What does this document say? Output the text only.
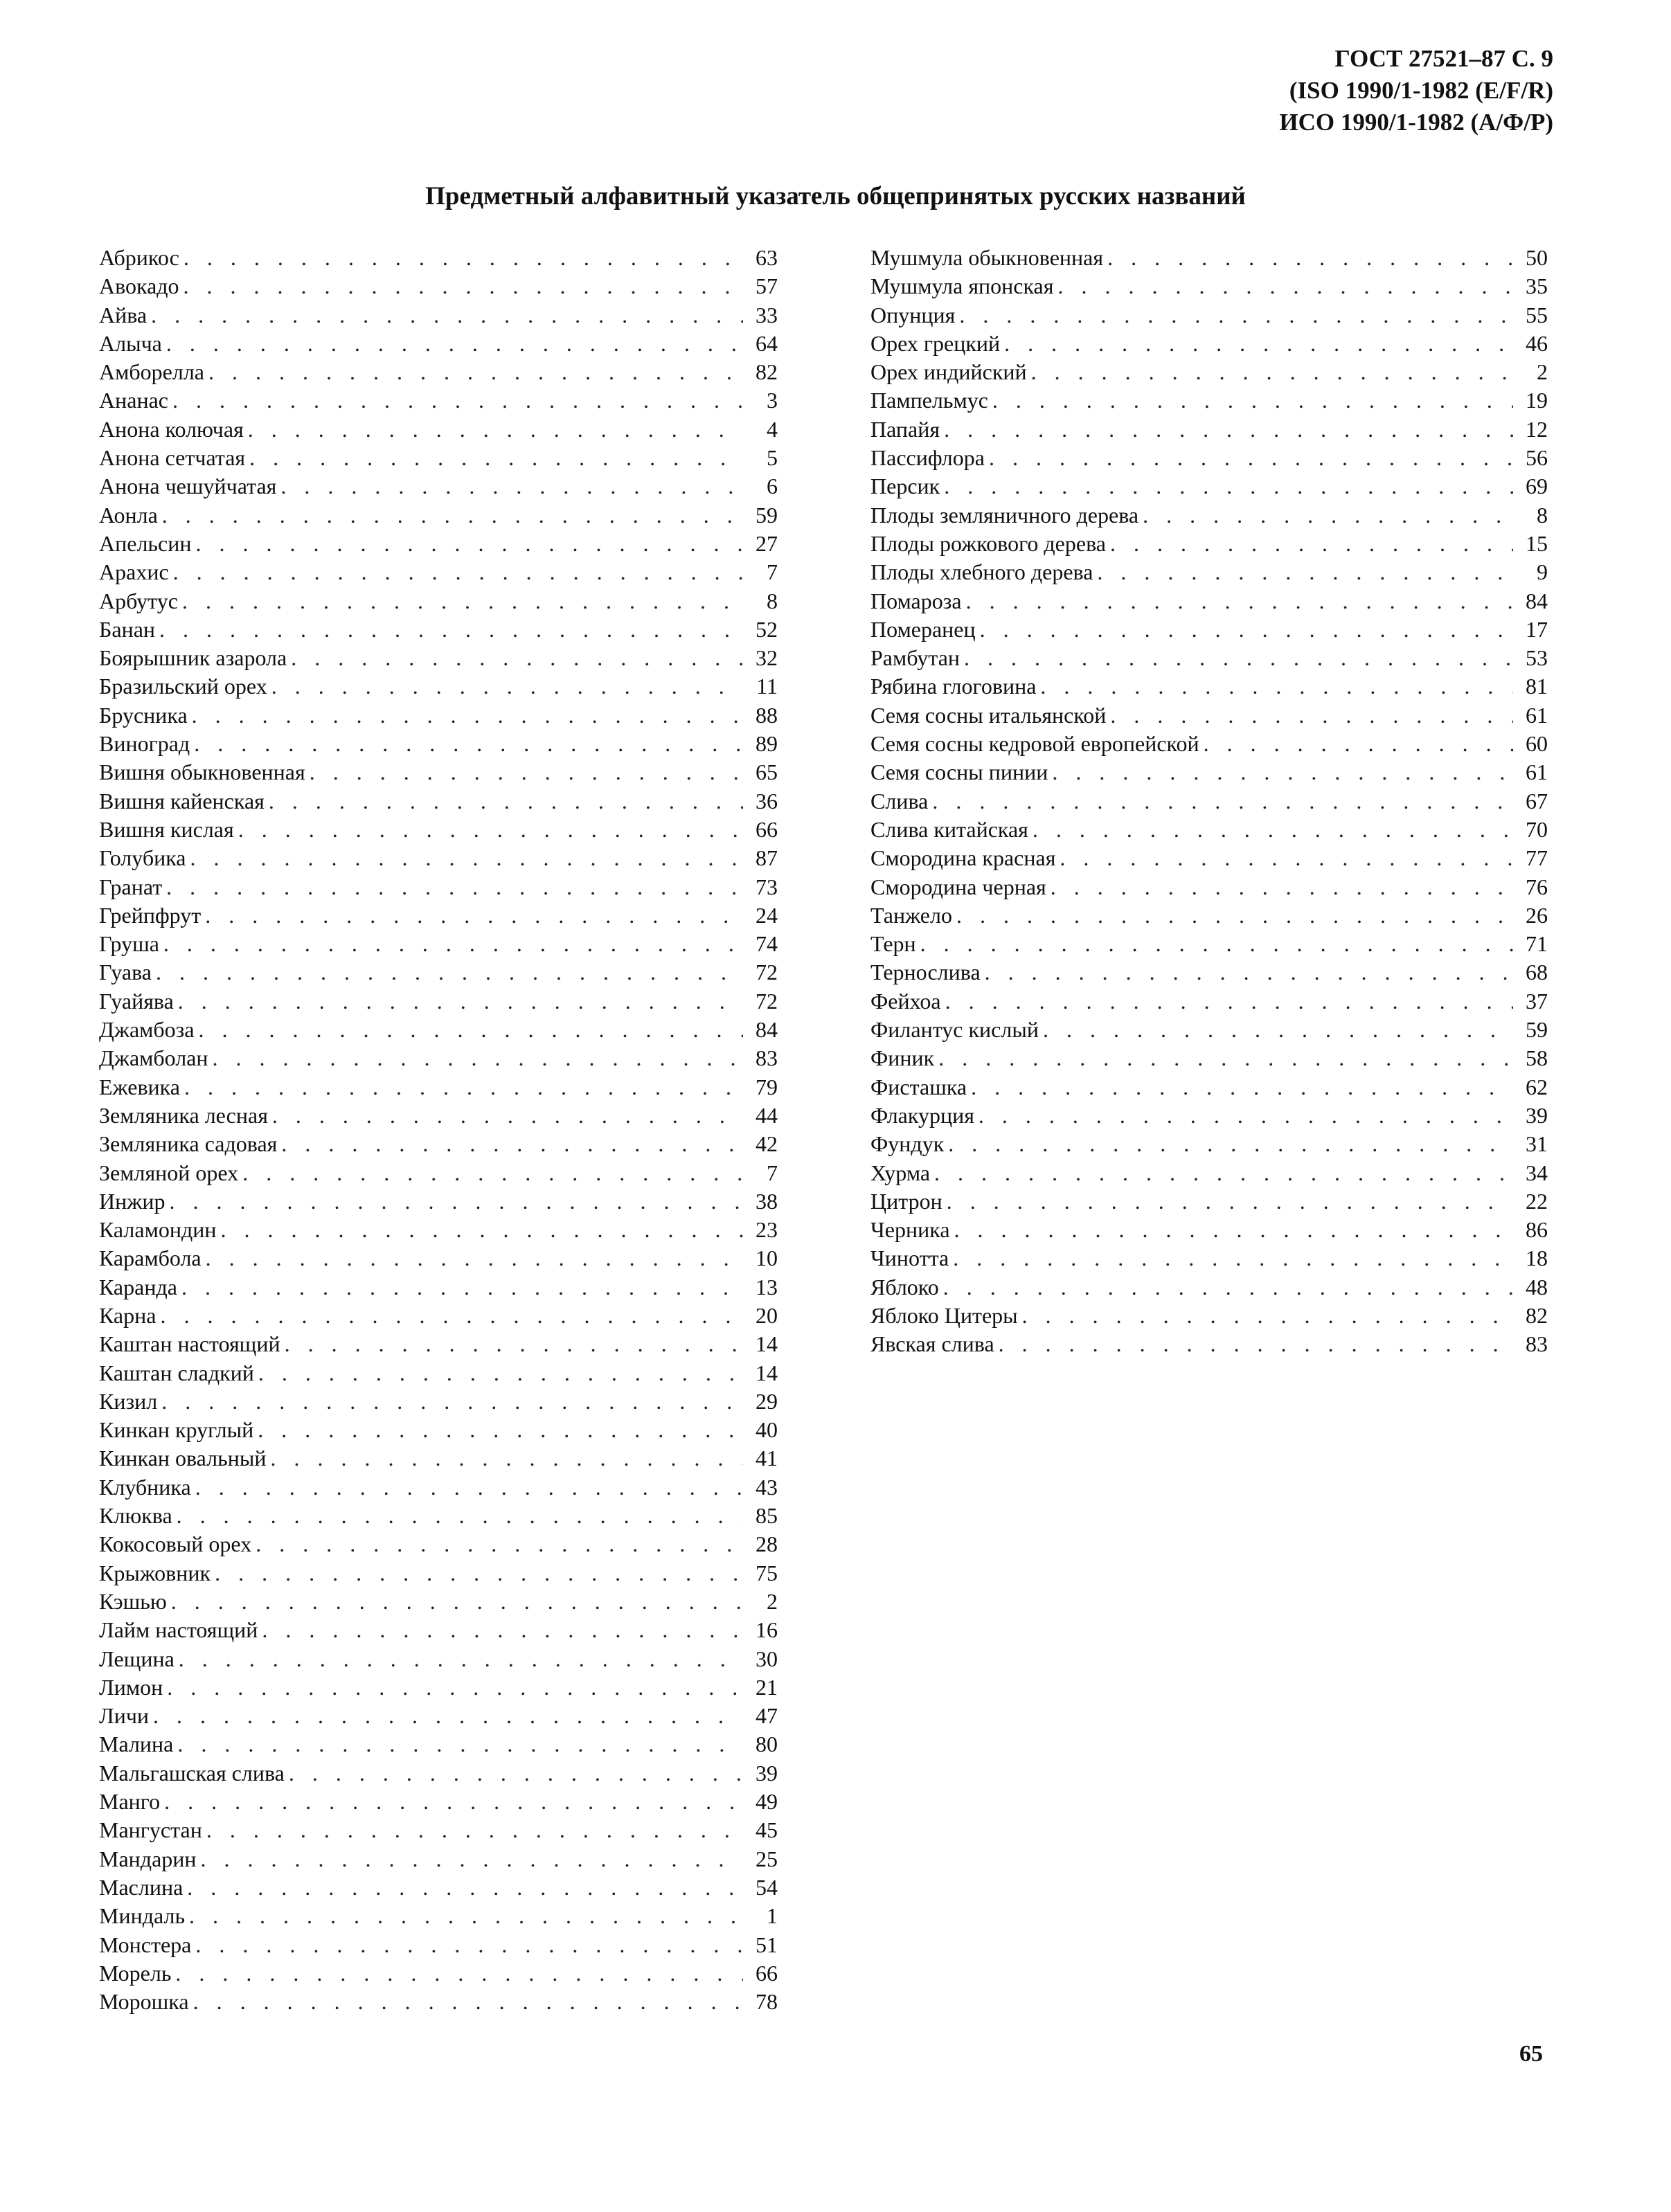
ГОСТ 27521–87 С. 9
(ISO 1990/1-1982 (E/F/R)
ИСО 1990/1-1982 (А/Ф/Р)
Предметный алфавитный указатель общепринятых русских названий
Абрикос . . .	63
Авокадо . . .	57
Айва . . .	33
Алыча . . .	64
Амборелла . . .	82
Ананас . . .	3
Анона колючая . . .	4
Анона сетчатая . . .	5
Анона чешуйчатая . . .	6
Аонла . . .	59
Апельсин . . .	27
Арахис . . .	7
Арбутус . . .	8
Банан . . .	52
Боярышник азарола . . .	32
Бразильский орех . . .	11
Брусника . . .	88
Виноград . . .	89
Вишня обыкновенная . . .	65
Вишня кайенская . . .	36
Вишня кислая . . .	66
Голубика . . .	87
Гранат . . .	73
Грейпфрут . . .	24
Груша . . .	74
Гуава . . .	72
Гуайява . . .	72
Джамбоза . . .	84
Джамболан . . .	83
Ежевика . . .	79
Земляника лесная . . .	44
Земляника садовая . . .	42
Земляной орех . . .	7
Инжир . . .	38
Каламондин . . .	23
Карамбола . . .	10
Каранда . . .	13
Карна . . .	20
Каштан настоящий . . .	14
Каштан сладкий . . .	14
Кизил . . .	29
Кинкан круглый . . .	40
Кинкан овальный . . .	41
Клубника . . .	43
Клюква . . .	85
Кокосовый орех . . .	28
Крыжовник . . .	75
Кэшью . . .	2
Лайм настоящий . . .	16
Лещина . . .	30
Лимон . . .	21
Личи . . .	47
Малина . . .	80
Мальгашская слива . . .	39
Манго . . .	49
Мангустан . . .	45
Мандарин . . .	25
Маслина . . .	54
Миндаль . . .	1
Монстера . . .	51
Морель . . .	66
Морошка . . .	78
Мушмула обыкновенная . . .	50
Мушмула японская . . .	35
Опунция . . .	55
Орех грецкий . . .	46
Орех индийский . . .	2
Пампельмус . . .	19
Папайя . . .	12
Пассифлора . . .	56
Персик . . .	69
Плоды земляничного дерева . . .	8
Плоды рожкового дерева . . .	15
Плоды хлебного дерева . . .	9
Помароза . . .	84
Померанец . . .	17
Рамбутан . . .	53
Рябина глоговина . . .	81
Семя сосны итальянской . . .	61
Семя сосны кедровой европейской . . .	60
Семя сосны пинии . . .	61
Слива . . .	67
Слива китайская . . .	70
Смородина красная . . .	77
Смородина черная . . .	76
Танжело . . .	26
Терн . . .	71
Тернослива . . .	68
Фейхоа . . .	37
Филантус кислый . . .	59
Финик . . .	58
Фисташка . . .	62
Флакурция . . .	39
Фундук . . .	31
Хурма . . .	34
Цитрон . . .	22
Черника . . .	86
Чинотта . . .	18
Яблоко . . .	48
Яблоко Цитеры . . .	82
Явская слива . . .	83
65
